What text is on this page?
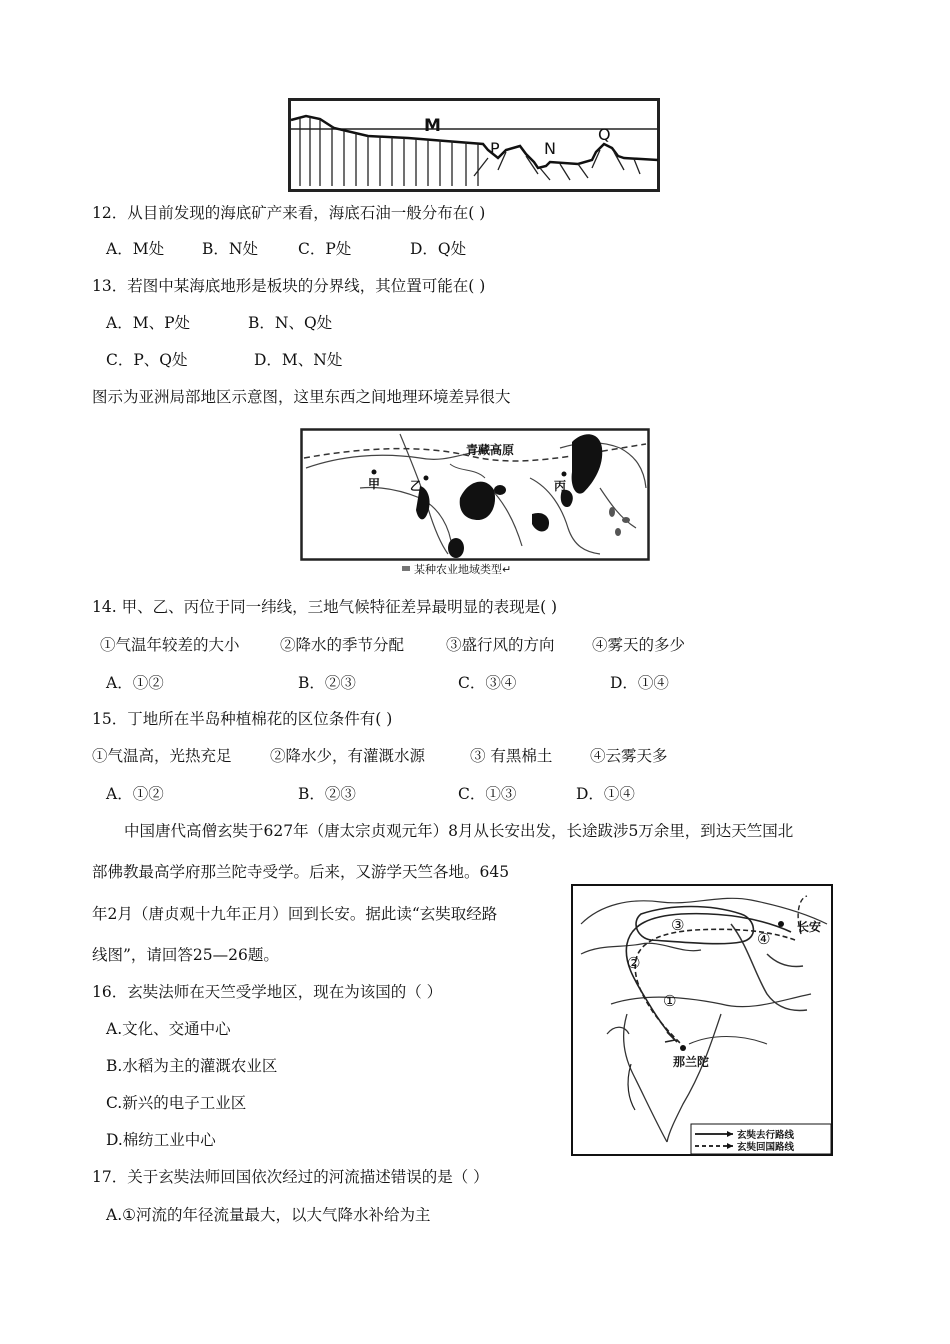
M
P	N
Q
12．从目前发现的海底矿产来看，海底石油一般分布在( )
A．M处 B．N处	C．P处	D．Q处
13．若图中某海底地形是板块的分界线，其位置可能在( )
A．M、P处	B．N、Q处
C．P、Q处	D．M、N处
图示为亚洲局部地区示意图，这里东西之间地理环境差异很大
青藏高原
甲 乙	丙
某种农业地域类型↵
14. 甲、乙、丙位于同一纬线，三地气候特征差异最明显的表现是( )
①气温年较差的大小	②降水的季节分配	③盛行风的方向 ④雾天的多少
A．①②	B．②③	C．③④	D．①④
15．丁地所在半岛种植棉花的区位条件有( )
①气温高，光热充足 ②降水少，有灌溉水源	③ 有黑棉土 ④云雾天多
A．①②	B．②③	C．①③	D．①④
中国唐代高僧玄奘于627年（唐太宗贞观元年）8月从长安出发，长途跋涉5万余里，到达天竺国北
部佛教最高学府那兰陀寺受学。后来，又游学天竺各地。645
年2月（唐贞观十九年正月）回到长安。据此读“玄奘取经路
线图”，请回答25—26题。
长安
那兰陀
①
②
③
④
玄奘去行路线
玄奘回国路线
16．玄奘法师在天竺受学地区，现在为该国的（ ）
A.文化、交通中心
B.水稻为主的灌溉农业区
C.新兴的电子工业区
D.棉纺工业中心
17．关于玄奘法师回国依次经过的河流描述错误的是（ ）
A.①河流的年径流量最大，以大气降水补给为主
